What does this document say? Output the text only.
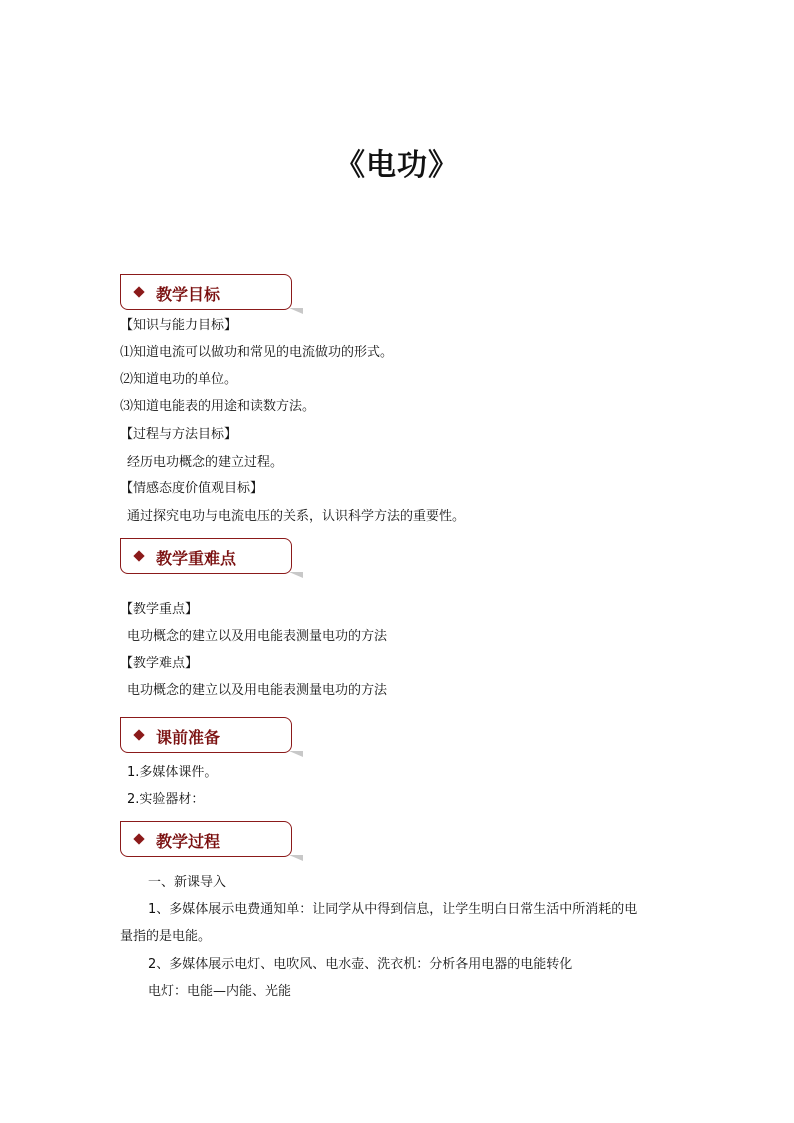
《电功》
教学目标
【知识与能力目标】
⑴知道电流可以做功和常见的电流做功的形式。
⑵知道电功的单位。
⑶知道电能表的用途和读数方法。
【过程与方法目标】
经历电功概念的建立过程。
【情感态度价值观目标】
通过探究电功与电流电压的关系，认识科学方法的重要性。
教学重难点
【教学重点】
电功概念的建立以及用电能表测量电功的方法
【教学难点】
电功概念的建立以及用电能表测量电功的方法
课前准备
1.多媒体课件。
2.实验器材：
教学过程
一、新课导入
1、多媒体展示电费通知单：让同学从中得到信息，让学生明白日常生活中所消耗的电
量指的是电能。
2、多媒体展示电灯、电吹风、电水壶、洗衣机：分析各用电器的电能转化
电灯：电能—内能、光能
